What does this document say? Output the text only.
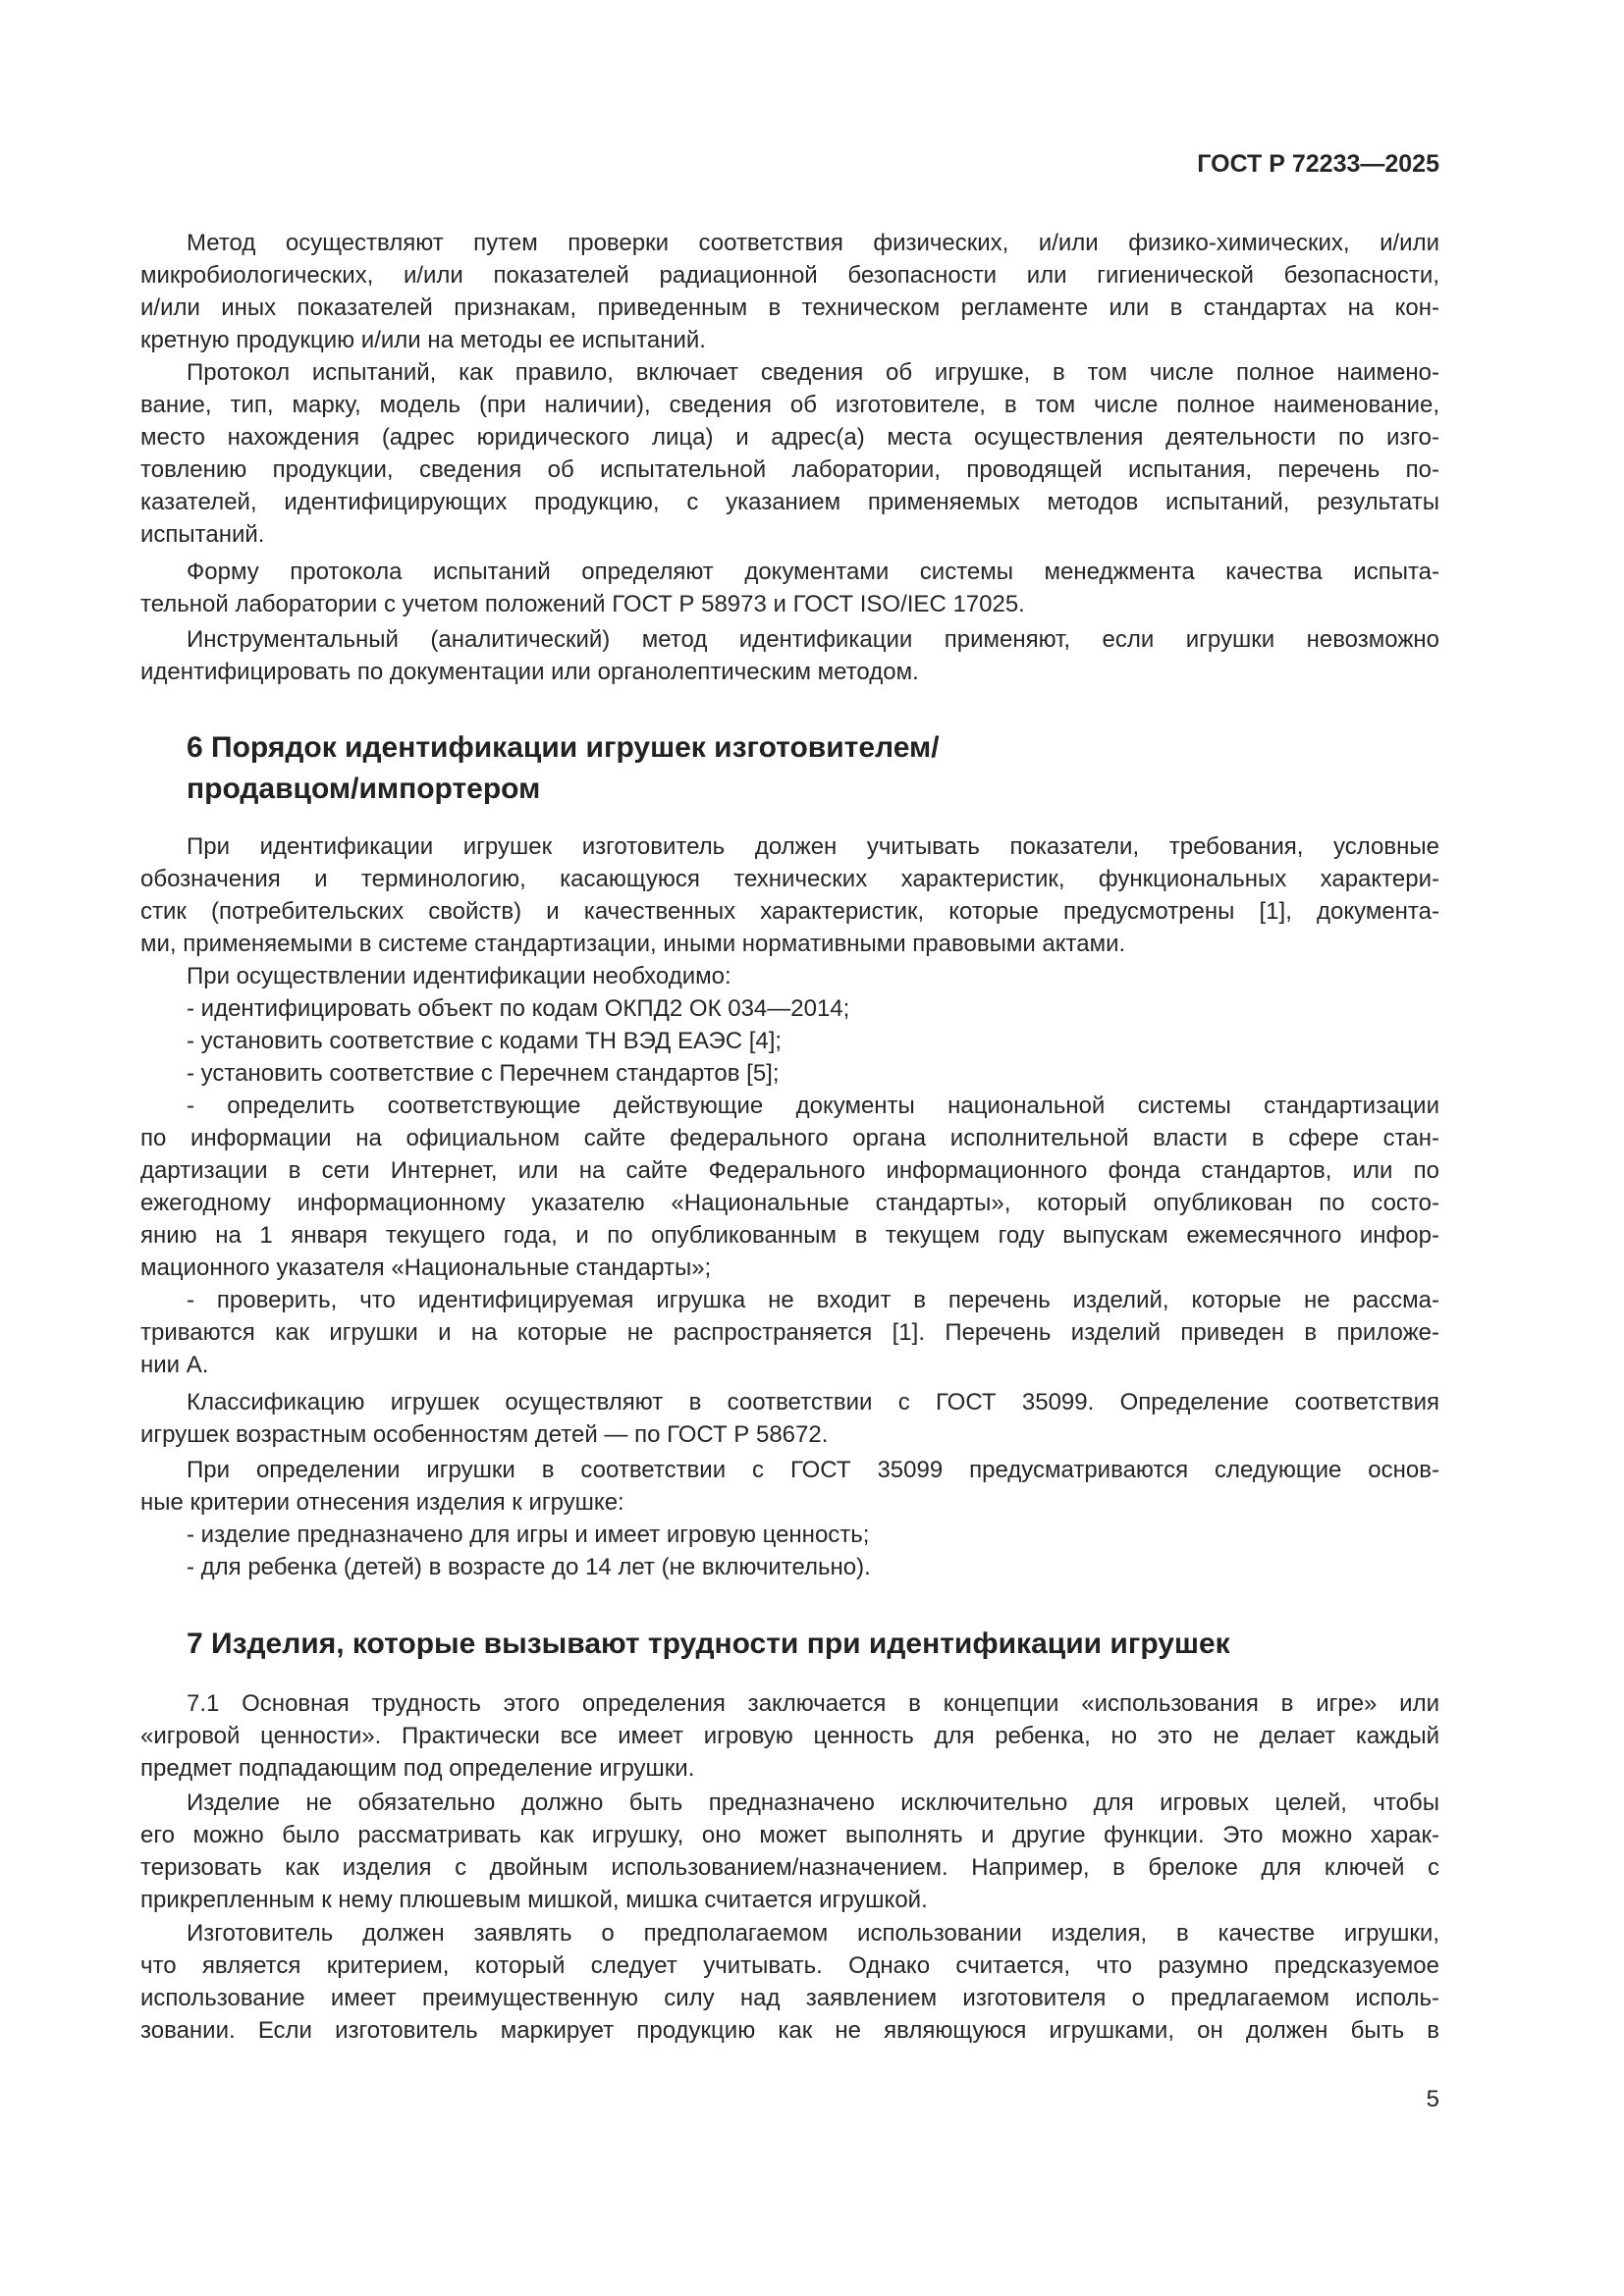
ГОСТ Р 72233—2025
Метод осуществляют путем проверки соответствия физических, и/или физико-химических, и/или
микробиологических, и/или показателей радиационной безопасности или гигиенической безопасности,
и/или иных показателей признакам, приведенным в техническом регламенте или в стандартах на кон-
кретную продукцию и/или на методы ее испытаний.
Протокол испытаний, как правило, включает сведения об игрушке, в том числе полное наимено-
вание, тип, марку, модель (при наличии), сведения об изготовителе, в том числе полное наименование,
место нахождения (адрес юридического лица) и адрес(а) места осуществления деятельности по изго-
товлению продукции, сведения об испытательной лаборатории, проводящей испытания, перечень по-
казателей, идентифицирующих продукцию, с указанием применяемых методов испытаний, результаты
испытаний.
Форму протокола испытаний определяют документами системы менеджмента качества испыта-
тельной лаборатории с учетом положений ГОСТ Р 58973 и ГОСТ ISO/IEC 17025.
Инструментальный (аналитический) метод идентификации применяют, если игрушки невозможно
идентифицировать по документации или органолептическим методом.
6 Порядок идентификации игрушек изготовителем/
продавцом/импортером
При идентификации игрушек изготовитель должен учитывать показатели, требования, условные
обозначения и терминологию, касающуюся технических характеристик, функциональных характери-
стик (потребительских свойств) и качественных характеристик, которые предусмотрены [1], документа-
ми, применяемыми в системе стандартизации, иными нормативными правовыми актами.
При осуществлении идентификации необходимо:
- идентифицировать объект по кодам ОКПД2 ОК 034—2014;
- установить соответствие с кодами ТН ВЭД ЕАЭС [4];
- установить соответствие с Перечнем стандартов [5];
- определить соответствующие действующие документы национальной системы стандартизации
по информации на официальном сайте федерального органа исполнительной власти в сфере стан-
дартизации в сети Интернет, или на сайте Федерального информационного фонда стандартов, или по
ежегодному информационному указателю «Национальные стандарты», который опубликован по состо-
янию на 1 января текущего года, и по опубликованным в текущем году выпускам ежемесячного инфор-
мационного указателя «Национальные стандарты»;
- проверить, что идентифицируемая игрушка не входит в перечень изделий, которые не рассма-
триваются как игрушки и на которые не распространяется [1]. Перечень изделий приведен в приложе-
нии А.
Классификацию игрушек осуществляют в соответствии с ГОСТ 35099. Определение соответствия
игрушек возрастным особенностям детей — по ГОСТ Р 58672.
При определении игрушки в соответствии с ГОСТ 35099 предусматриваются следующие основ-
ные критерии отнесения изделия к игрушке:
- изделие предназначено для игры и имеет игровую ценность;
- для ребенка (детей) в возрасте до 14 лет (не включительно).
7 Изделия, которые вызывают трудности при идентификации игрушек
7.1 Основная трудность этого определения заключается в концепции «использования в игре» или
«игровой ценности». Практически все имеет игровую ценность для ребенка, но это не делает каждый
предмет подпадающим под определение игрушки.
Изделие не обязательно должно быть предназначено исключительно для игровых целей, чтобы
его можно было рассматривать как игрушку, оно может выполнять и другие функции. Это можно харак-
теризовать как изделия с двойным использованием/назначением. Например, в брелоке для ключей с
прикрепленным к нему плюшевым мишкой, мишка считается игрушкой.
Изготовитель должен заявлять о предполагаемом использовании изделия, в качестве игрушки,
что является критерием, который следует учитывать. Однако считается, что разумно предсказуемое
использование имеет преимущественную силу над заявлением изготовителя о предлагаемом исполь-
зовании. Если изготовитель маркирует продукцию как не являющуюся игрушками, он должен быть в
5
